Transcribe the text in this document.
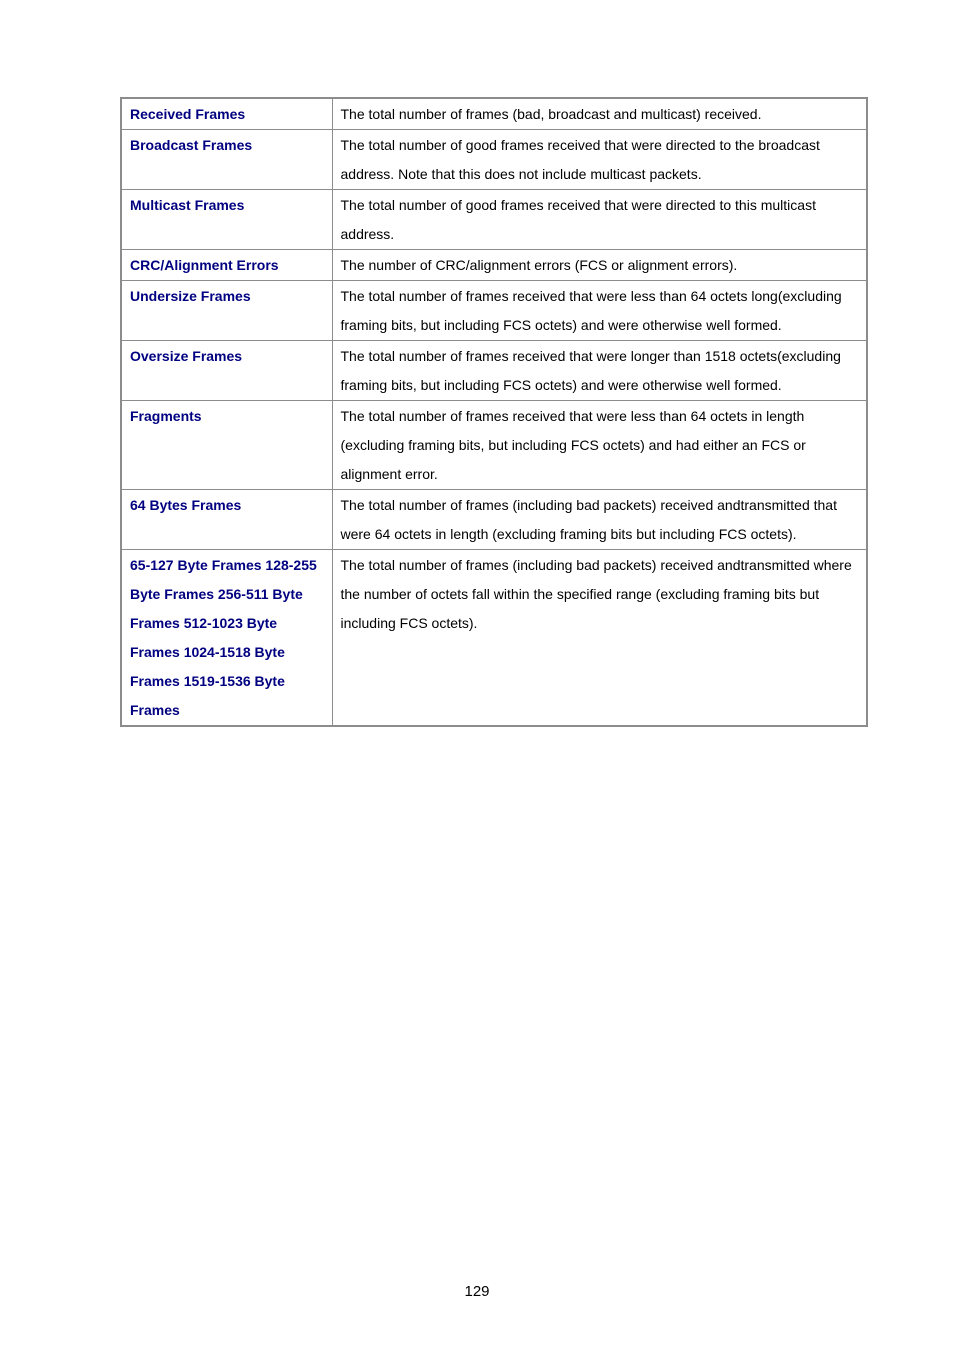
Received Frames	The total number of frames (bad, broadcast and multicast) received.
Broadcast Frames	The total number of good frames received that were directed to the broadcast address. Note that this does not include multicast packets.
Multicast Frames	The total number of good frames received that were directed to this multicast address.
CRC/Alignment Errors	The number of CRC/alignment errors (FCS or alignment errors).
Undersize Frames	The total number of frames received that were less than 64 octets long(excluding framing bits, but including FCS octets) and were otherwise well formed.
Oversize Frames	The total number of frames received that were longer than 1518 octets(excluding framing bits, but including FCS octets) and were otherwise well formed.
Fragments	The total number of frames received that were less than 64 octets in length (excluding framing bits, but including FCS octets) and had either an FCS or alignment error.
64 Bytes Frames	The total number of frames (including bad packets) received andtransmitted that were 64 octets in length (excluding framing bits but including FCS octets).
65-127 Byte Frames 128-255 Byte Frames 256-511 Byte Frames 512-1023 Byte Frames 1024-1518 Byte Frames 1519-1536 Byte Frames	The total number of frames (including bad packets) received andtransmitted where the number of octets fall within the specified range (excluding framing bits but including FCS octets).
129
